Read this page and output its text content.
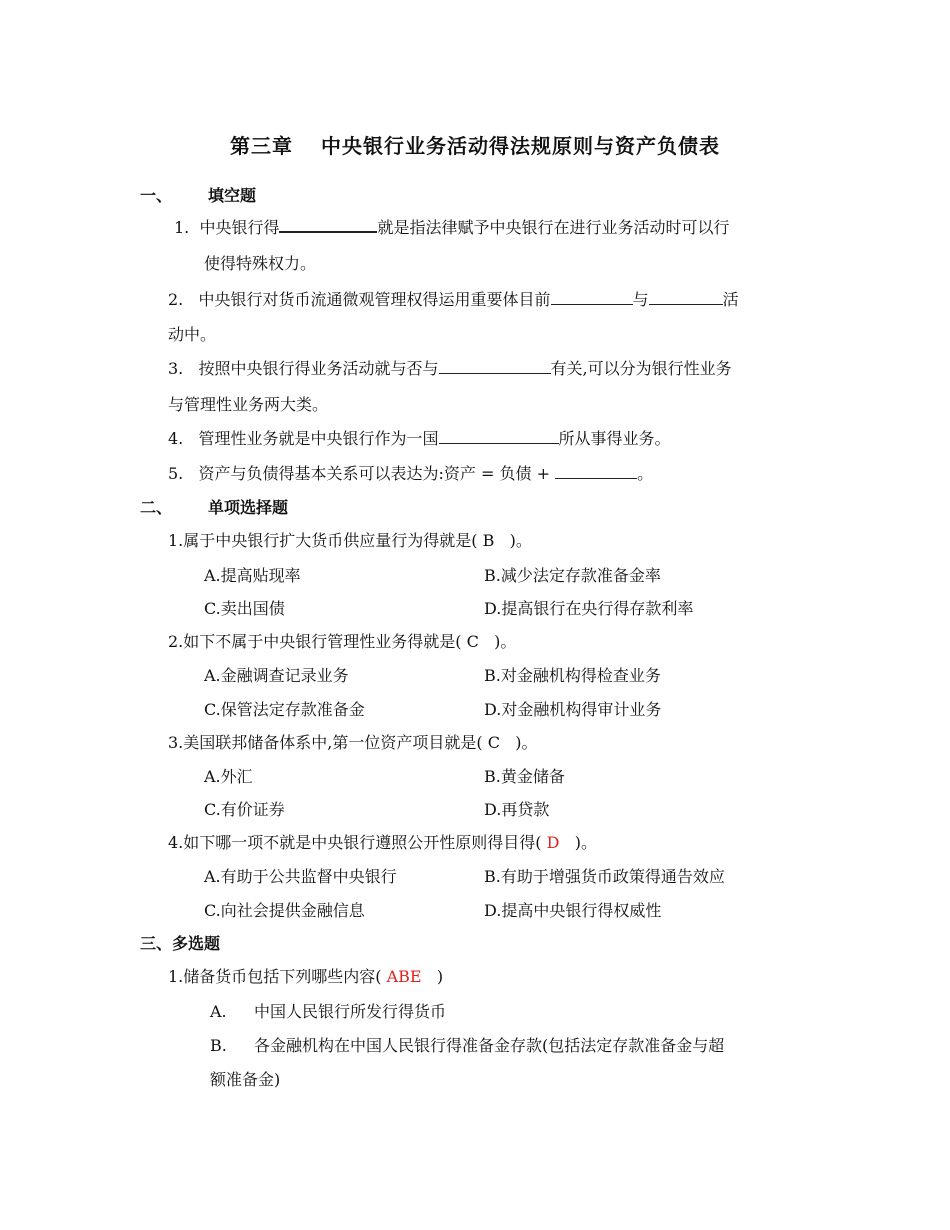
第三章 中央银行业务活动得法规原则与资产负债表
一、 填空题
1. 中央银行得	就是指法律赋予中央银行在进行业务活动时可以行
使得特殊权力。
2. 中央银行对货币流通微观管理权得运用重要体目前	与	活
动中。
3. 按照中央银行得业务活动就与否与	有关,可以分为银行性业务
与管理性业务两大类。
4. 管理性业务就是中央银行作为一国	所从事得业务。
5. 资产与负债得基本关系可以表达为:资产 = 负债 +	。
二、 单项选择题
1.属于中央银行扩大货币供应量行为得就是( B )。
A.提高贴现率	B.减少法定存款准备金率
C.卖出国债	D.提高银行在央行得存款利率
2.如下不属于中央银行管理性业务得就是( C )。
A.金融调查记录业务	B.对金融机构得检查业务
C.保管法定存款准备金	D.对金融机构得审计业务
3.美国联邦储备体系中,第一位资产项目就是( C )。
A.外汇	B.黄金储备
C.有价证券	D.再贷款
4.如下哪一项不就是中央银行遵照公开性原则得目得( D )。
A.有助于公共监督中央银行	B.有助于增强货币政策得通告效应
C.向社会提供金融信息	D.提高中央银行得权威性
三、多选题
1.储备货币包括下列哪些内容( ABE )
A. 中国人民银行所发行得货币
B. 各金融机构在中国人民银行得准备金存款(包括法定存款准备金与超
额准备金)
